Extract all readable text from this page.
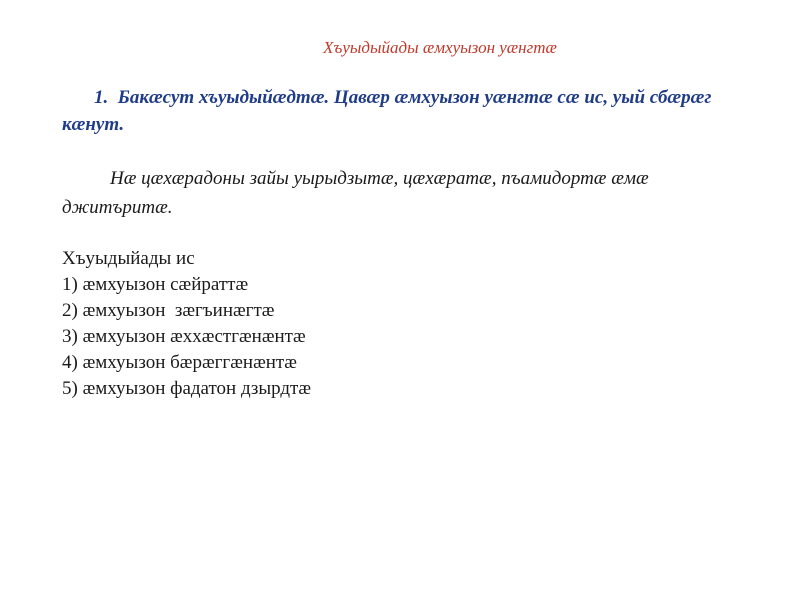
Хъуыдыйады æмхуызон уæнгтæ
1. Бакæсут хъуыдыйæдтæ. Цавæр æмхуызон уæнгтæ сæ ис, уый сбæрæг кæнут.
Нæ цæхæрадоны зайы уырыдзытæ, цæхæратæ, пъамидортæ æмæ джитъритæ.
Хъуыдыйады ис
1) æмхуызон сæйраттæ
2) æмхуызон  зæгъинæгтæ
3) æмхуызон æххæстгæнæнтæ
4) æмхуызон бæрæггæнæнтæ
5) æмхуызон фадатон дзырдтæ
